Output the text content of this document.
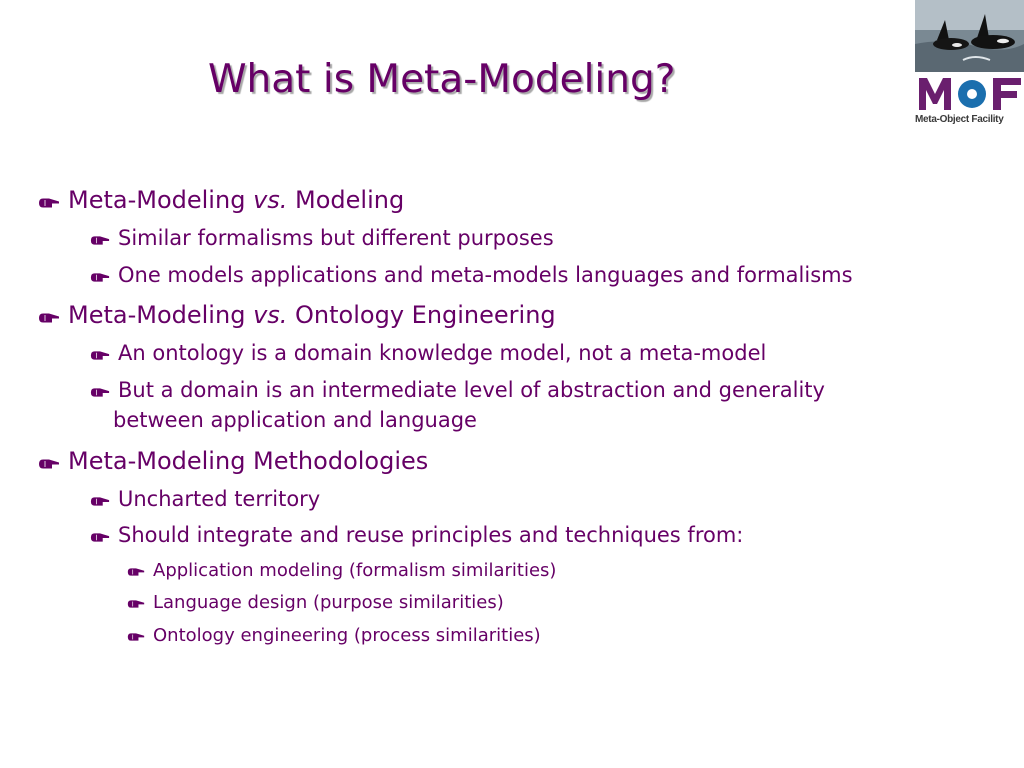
What is Meta-Modeling?
Meta-Object Facility
Meta-Modeling vs. Modeling
Similar formalisms but different purposes
One models applications and meta-models languages and formalisms
Meta-Modeling vs. Ontology Engineering
An ontology is a domain knowledge model, not a meta-model
But a domain is an intermediate level of abstraction and generality
between application and language
Meta-Modeling Methodologies
Uncharted territory
Should integrate and reuse principles and techniques from:
Application modeling (formalism similarities)
Language design (purpose similarities)
Ontology engineering (process similarities)
